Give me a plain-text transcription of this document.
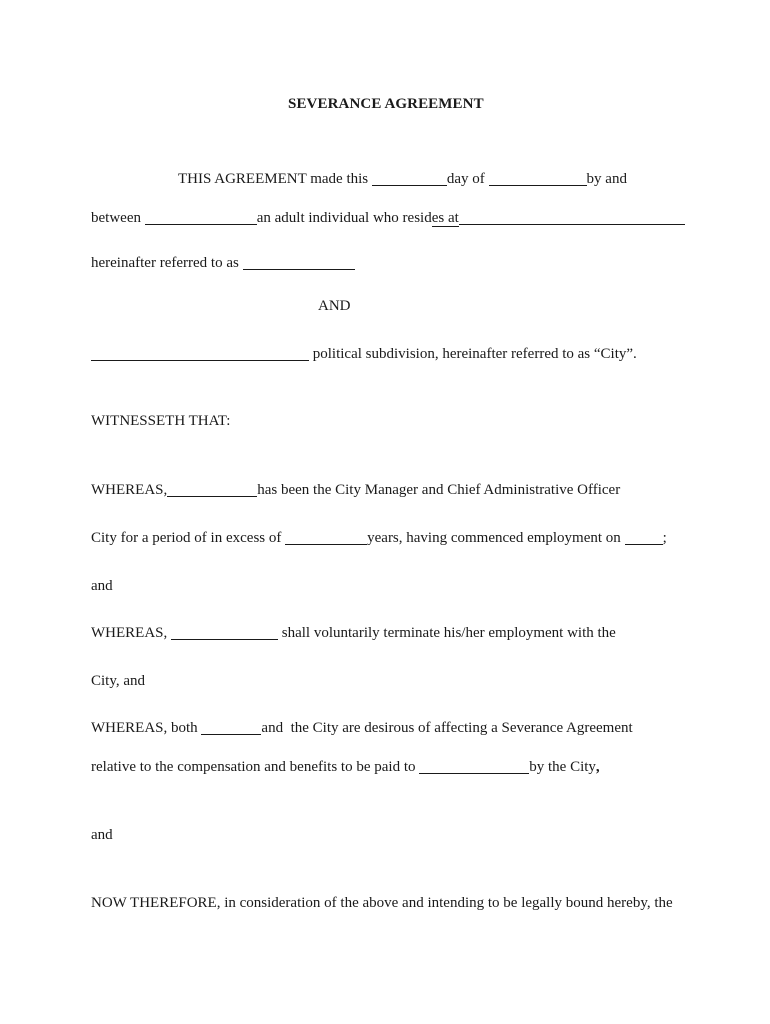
SEVERANCE AGREEMENT
THIS AGREEMENT made this	day of	by and
between	an adult individual who resides at
hereinafter referred to as
AND
political subdivision, hereinafter referred to as “City”.
WITNESSETH THAT:
WHEREAS,	has been the City Manager and Chief Administrative Officer
City for a period of in excess of	years, having commenced employment on	;
and
WHEREAS,	shall voluntarily terminate his/her employment with the
City, and
WHEREAS, both	and  the City are desirous of affecting a Severance Agreement
relative to the compensation and benefits to be paid to	by the City,
and
NOW THEREFORE, in consideration of the above and intending to be legally bound hereby, the
